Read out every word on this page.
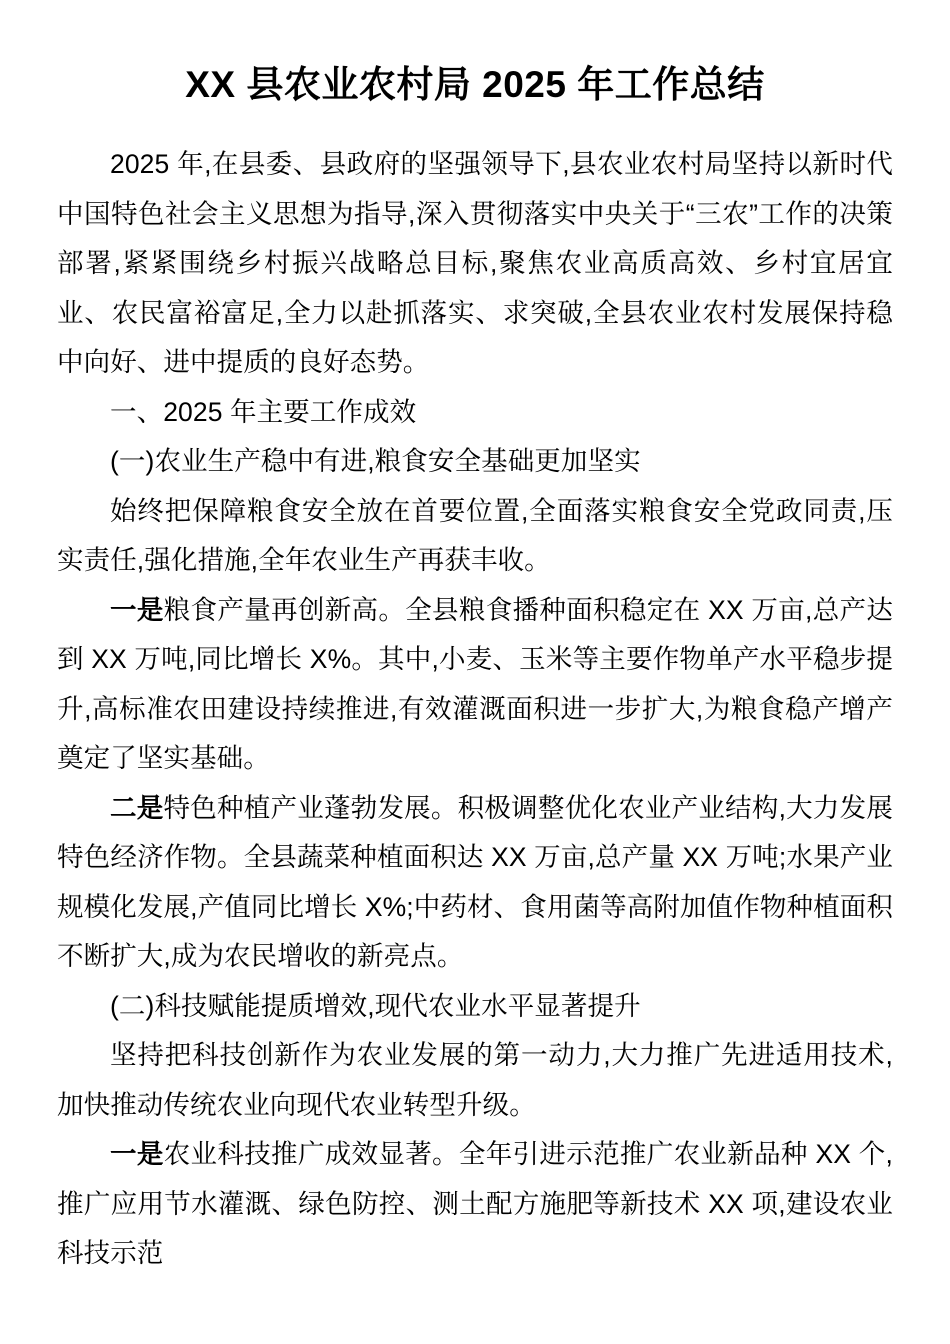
XX 县农业农村局 2025 年工作总结

2025 年,在县委、县政府的坚强领导下,县农业农村局坚持以新时代中国特色社会主义思想为指导,深入贯彻落实中央关于“三农”工作的决策部署,紧紧围绕乡村振兴战略总目标,聚焦农业高质高效、乡村宜居宜业、农民富裕富足,全力以赴抓落实、求突破,全县农业农村发展保持稳中向好、进中提质的良好态势。

一、2025 年主要工作成效

(一)农业生产稳中有进,粮食安全基础更加坚实

始终把保障粮食安全放在首要位置,全面落实粮食安全党政同责,压实责任,强化措施,全年农业生产再获丰收。

一是粮食产量再创新高。全县粮食播种面积稳定在 XX 万亩,总产达到 XX 万吨,同比增长 X%。其中,小麦、玉米等主要作物单产水平稳步提升,高标准农田建设持续推进,有效灌溉面积进一步扩大,为粮食稳产增产奠定了坚实基础。

二是特色种植产业蓬勃发展。积极调整优化农业产业结构,大力发展特色经济作物。全县蔬菜种植面积达 XX 万亩,总产量 XX 万吨;水果产业规模化发展,产值同比增长 X%;中药材、食用菌等高附加值作物种植面积不断扩大,成为农民增收的新亮点。

(二)科技赋能提质增效,现代农业水平显著提升

坚持把科技创新作为农业发展的第一动力,大力推广先进适用技术,加快推动传统农业向现代农业转型升级。

一是农业科技推广成效显著。全年引进示范推广农业新品种 XX 个,推广应用节水灌溉、绿色防控、测土配方施肥等新技术 XX 项,建设农业科技示范
